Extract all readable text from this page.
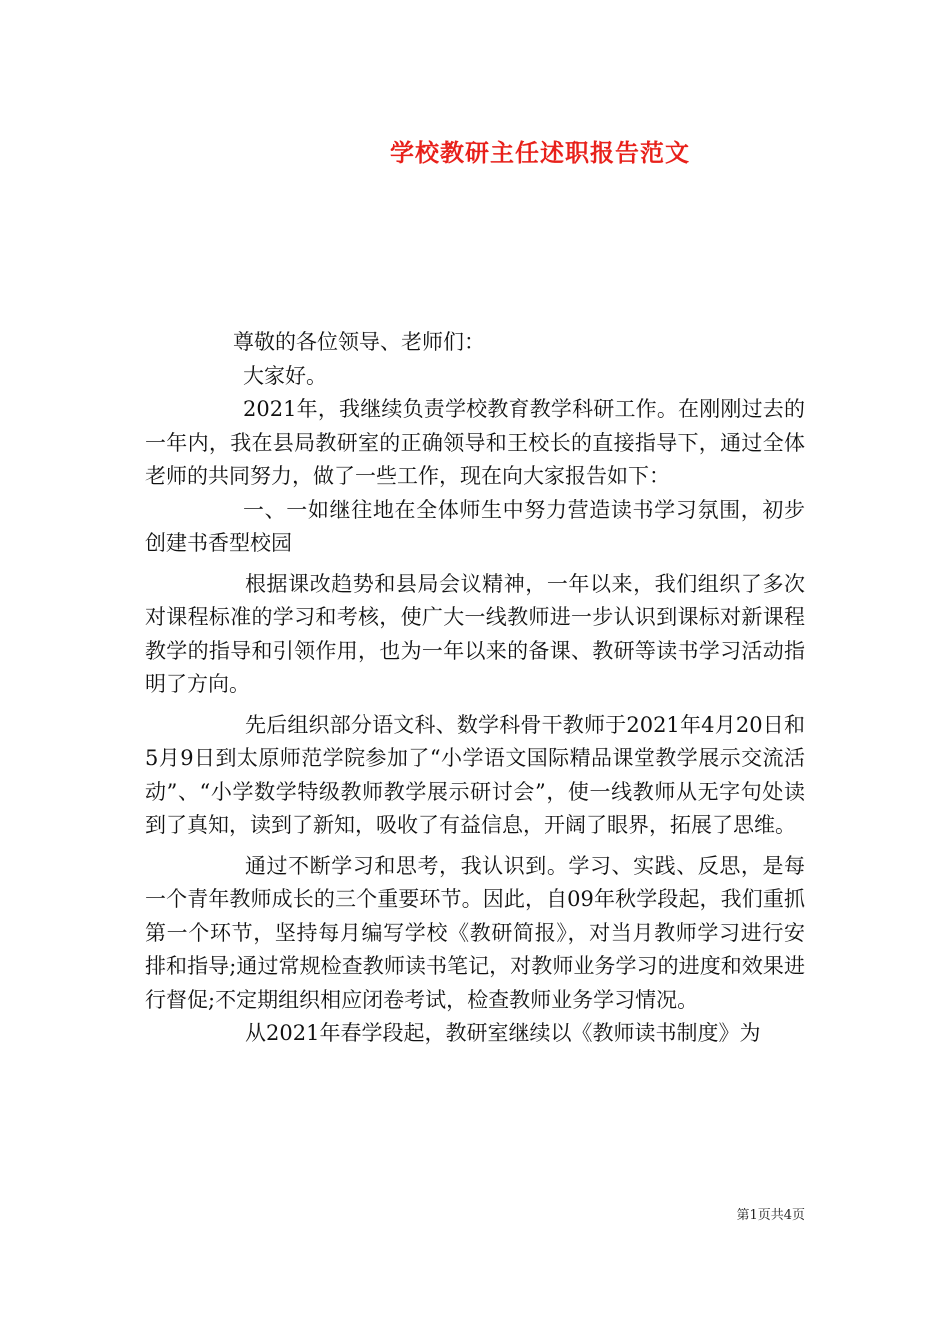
学校教研主任述职报告范文

尊敬的各位领导、老师们：

大家好。

2021年，我继续负责学校教育教学科研工作。在刚刚过去的一年内，我在县局教研室的正确领导和王校长的直接指导下，通过全体老师的共同努力，做了一些工作，现在向大家报告如下：

一、一如继往地在全体师生中努力营造读书学习氛围，初步创建书香型校园

根据课改趋势和县局会议精神，一年以来，我们组织了多次对课程标准的学习和考核，使广大一线教师进一步认识到课标对新课程教学的指导和引领作用，也为一年以来的备课、教研等读书学习活动指明了方向。

先后组织部分语文科、数学科骨干教师于2021年4月20日和5月9日到太原师范学院参加了“小学语文国际精品课堂教学展示交流活动”、“小学数学特级教师教学展示研讨会”，使一线教师从无字句处读到了真知，读到了新知，吸收了有益信息，开阔了眼界，拓展了思维。

通过不断学习和思考，我认识到。学习、实践、反思，是每一个青年教师成长的三个重要环节。因此，自09年秋学段起，我们重抓第一个环节，坚持每月编写学校《教研简报》，对当月教师学习进行安排和指导;通过常规检查教师读书笔记，对教师业务学习的进度和效果进行督促;不定期组织相应闭卷考试，检查教师业务学习情况。

从2021年春学段起，教研室继续以《教师读书制度》为

第1页共4页
